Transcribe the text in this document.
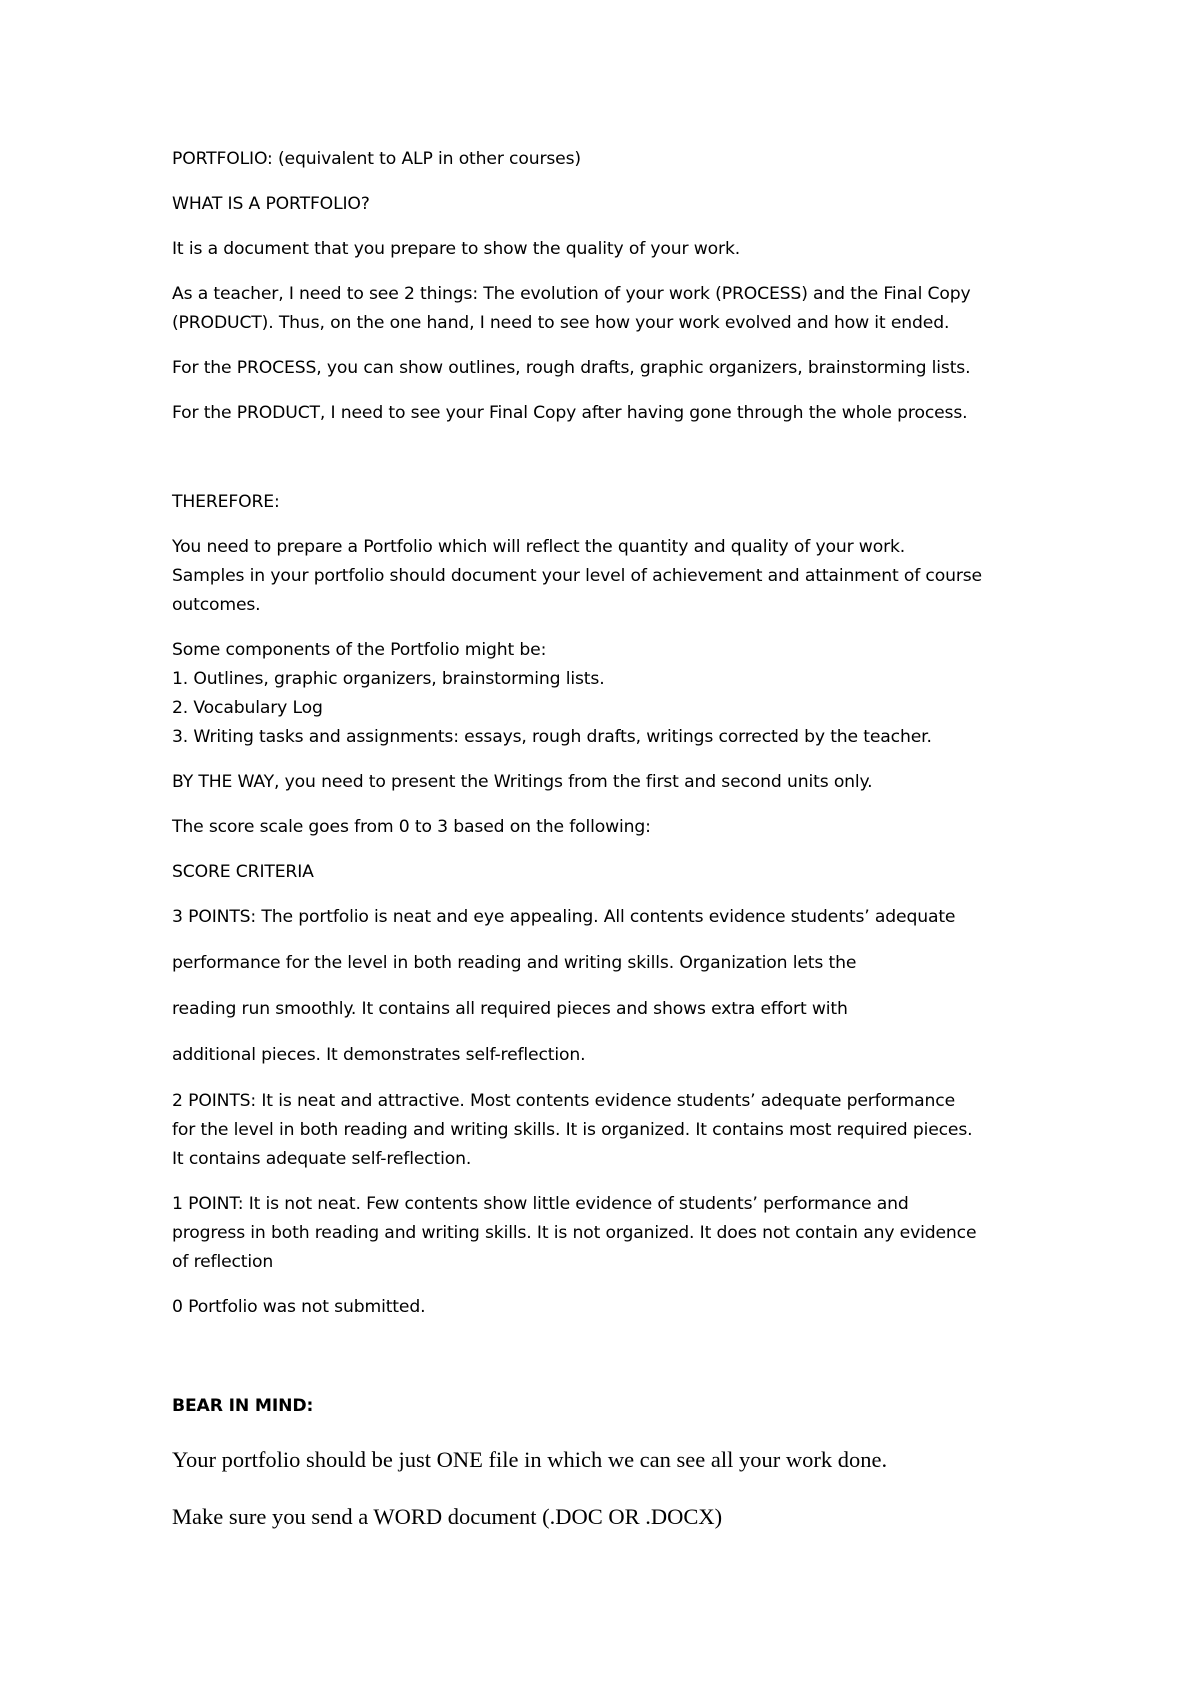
PORTFOLIO: (equivalent to ALP in other courses)

WHAT IS A PORTFOLIO?

It is a document that you prepare to show the quality of your work.

As a teacher, I need to see 2 things: The evolution of your work (PROCESS) and the Final Copy
(PRODUCT). Thus, on the one hand, I need to see how your work evolved and how it ended.

For the PROCESS, you can show outlines, rough drafts, graphic organizers, brainstorming lists.

For the PRODUCT, I need to see your Final Copy after having gone through the whole process.

THEREFORE:

You need to prepare a Portfolio which will reflect the quantity and quality of your work.
Samples in your portfolio should document your level of achievement and attainment of course
outcomes.

Some components of the Portfolio might be:
1. Outlines, graphic organizers, brainstorming lists.
2. Vocabulary Log
3. Writing tasks and assignments: essays, rough drafts, writings corrected by the teacher.

BY THE WAY, you need to present the Writings from the first and second units only.

The score scale goes from 0 to 3 based on the following:

SCORE CRITERIA

3 POINTS: The portfolio is neat and eye appealing. All contents evidence students’ adequate

performance for the level in both reading and writing skills. Organization lets the

reading run smoothly. It contains all required pieces and shows extra effort with

additional pieces. It demonstrates self-reflection.

2 POINTS: It is neat and attractive. Most contents evidence students’ adequate performance
for the level in both reading and writing skills. It is organized. It contains most required pieces.
It contains adequate self-reflection.

1 POINT: It is not neat. Few contents show little evidence of students’ performance and
progress in both reading and writing skills. It is not organized. It does not contain any evidence
of reflection

0 Portfolio was not submitted.

BEAR IN MIND:

Your portfolio should be just ONE file in which we can see all your work done.

Make sure you send a WORD document (.DOC OR .DOCX)
